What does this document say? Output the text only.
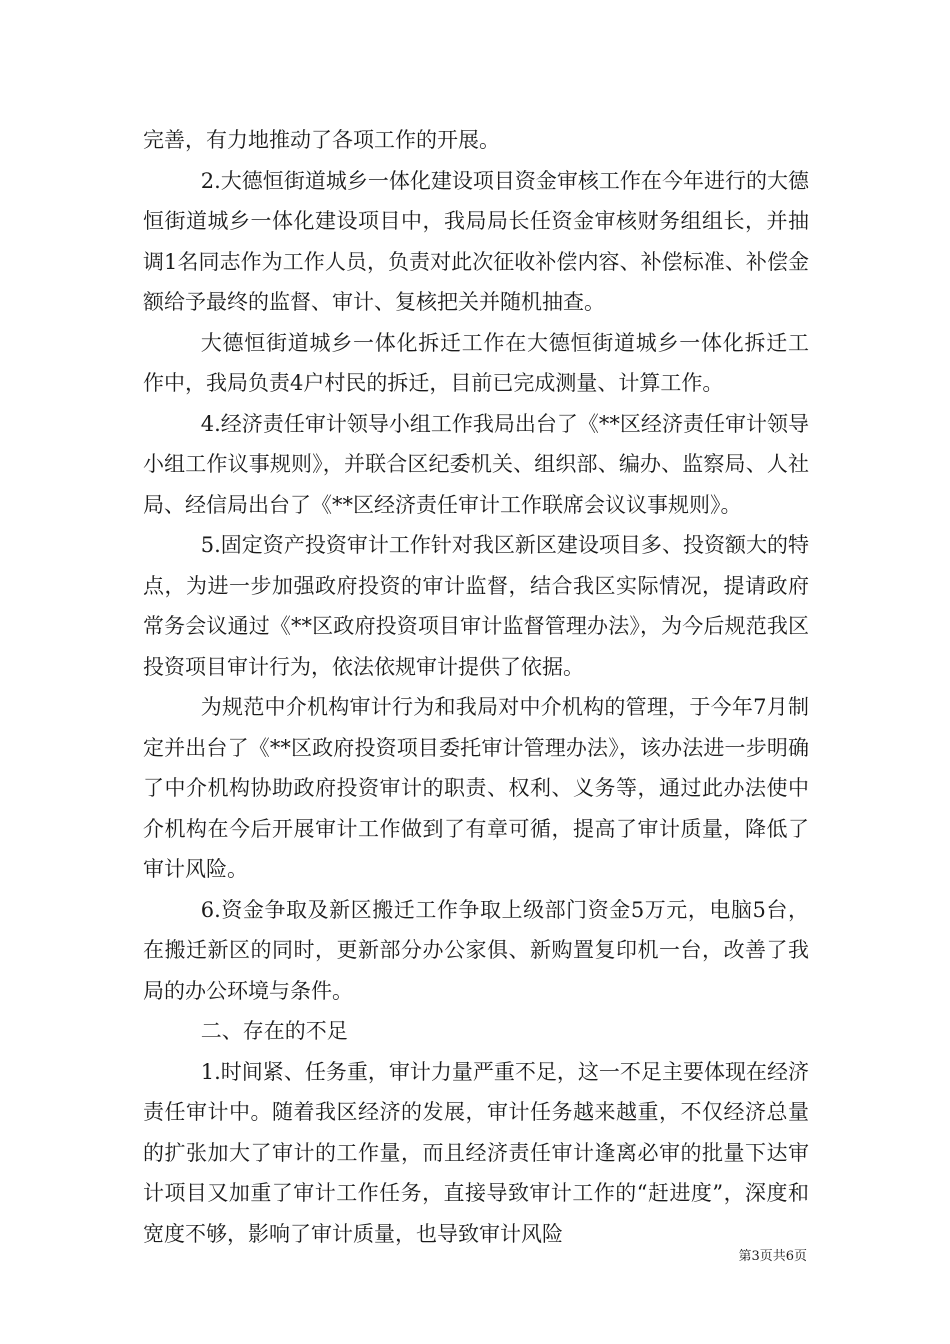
完善，有力地推动了各项工作的开展。

2.大德恒街道城乡一体化建设项目资金审核工作在今年进行的大德恒街道城乡一体化建设项目中，我局局长任资金审核财务组组长，并抽调1名同志作为工作人员，负责对此次征收补偿内容、补偿标准、补偿金额给予最终的监督、审计、复核把关并随机抽查。

大德恒街道城乡一体化拆迁工作在大德恒街道城乡一体化拆迁工作中，我局负责4户村民的拆迁，目前已完成测量、计算工作。

4.经济责任审计领导小组工作我局出台了《**区经济责任审计领导小组工作议事规则》，并联合区纪委机关、组织部、编办、监察局、人社局、经信局出台了《**区经济责任审计工作联席会议议事规则》。

5.固定资产投资审计工作针对我区新区建设项目多、投资额大的特点，为进一步加强政府投资的审计监督，结合我区实际情况，提请政府常务会议通过《**区政府投资项目审计监督管理办法》，为今后规范我区投资项目审计行为，依法依规审计提供了依据。

为规范中介机构审计行为和我局对中介机构的管理，于今年7月制定并出台了《**区政府投资项目委托审计管理办法》，该办法进一步明确了中介机构协助政府投资审计的职责、权利、义务等，通过此办法使中介机构在今后开展审计工作做到了有章可循，提高了审计质量，降低了审计风险。

6.资金争取及新区搬迁工作争取上级部门资金5万元，电脑5台，在搬迁新区的同时，更新部分办公家俱、新购置复印机一台，改善了我局的办公环境与条件。

二、存在的不足

1.时间紧、任务重，审计力量严重不足，这一不足主要体现在经济责任审计中。随着我区经济的发展，审计任务越来越重，不仅经济总量的扩张加大了审计的工作量，而且经济责任审计逢离必审的批量下达审计项目又加重了审计工作任务，直接导致审计工作的“赶进度”，深度和宽度不够，影响了审计质量，也导致审计风险

第3页共6页
